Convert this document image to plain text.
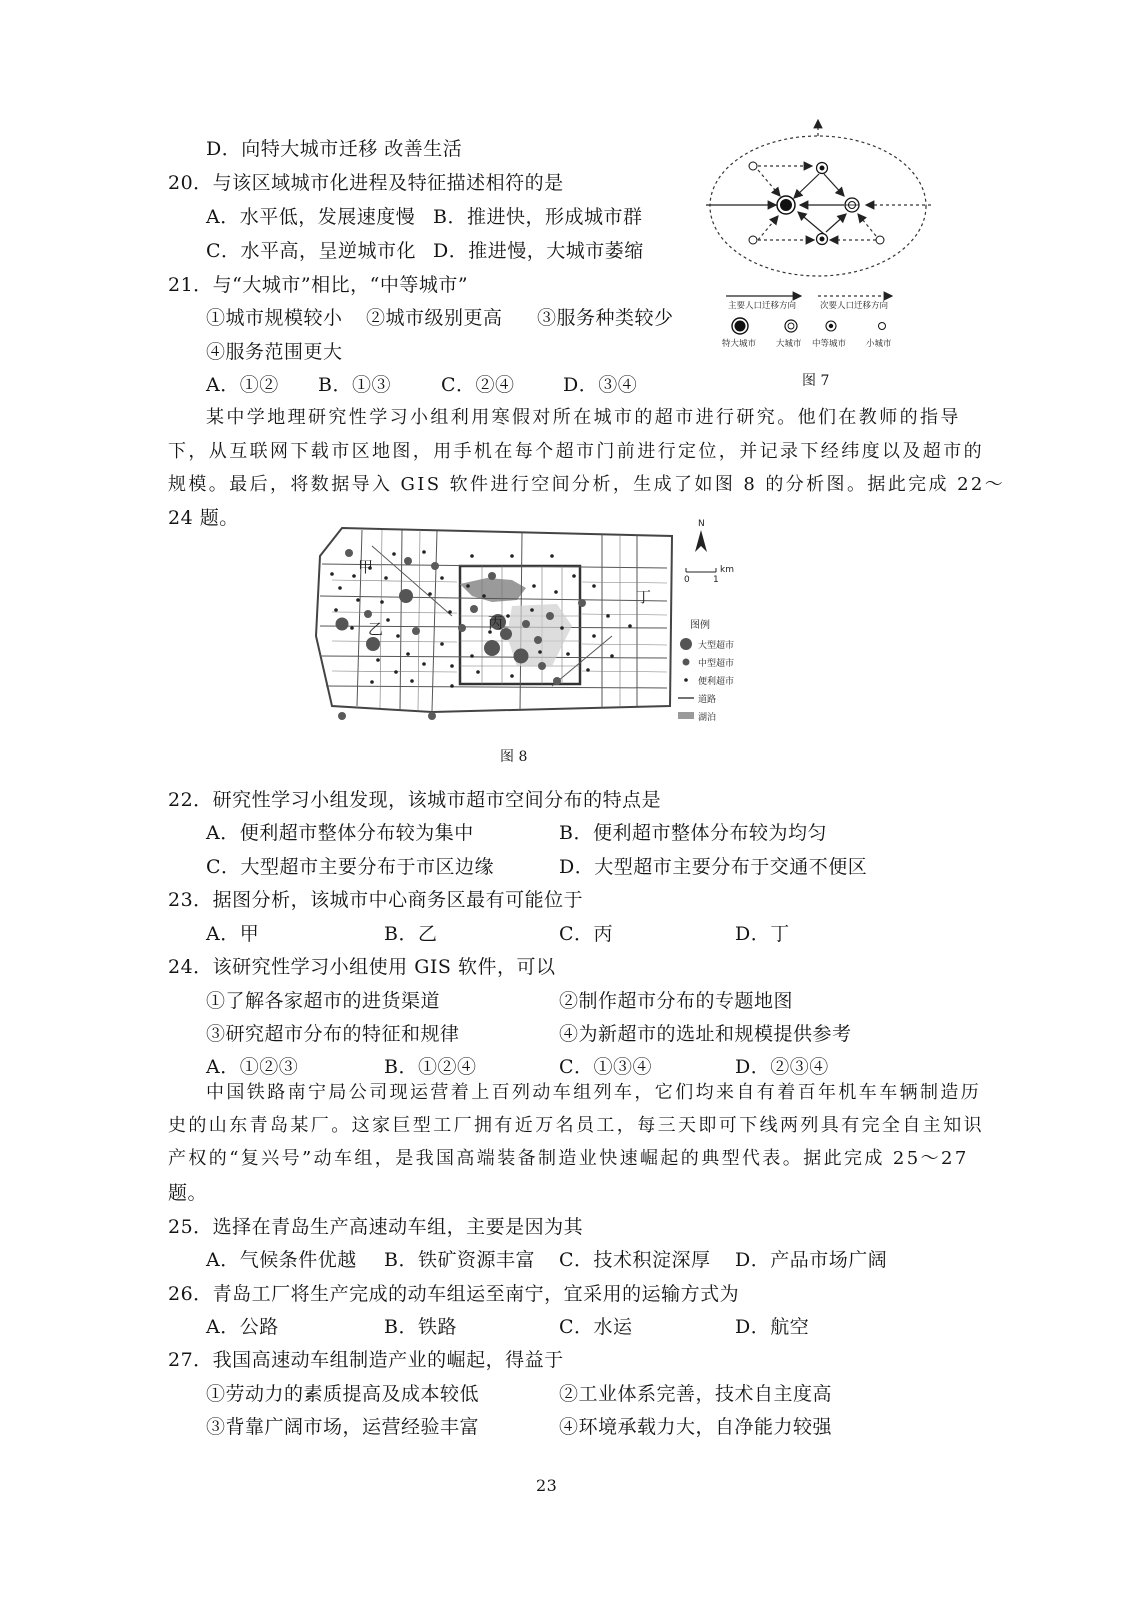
D．向特大城市迁移 改善生活
20．与该区域城市化进程及特征描述相符的是
A．水平低，发展速度慢 B．推进快，形成城市群
C．水平高，呈逆城市化 D．推进慢，大城市萎缩
21．与“大城市”相比，“中等城市”
①城市规模较小 ②城市级别更高 ③服务种类较少
④服务范围更大
A．①② B．①③	C．②④	D．③④
主要人口迁移方向	次要人口迁移方向
特大城市 大城市 中等城市 小城市
图 7
某中学地理研究性学习小组利用寒假对所在城市的超市进行研究。他们在教师的指导
下，从互联网下载市区地图，用手机在每个超市门前进行定位，并记录下经纬度以及超市的
规模。最后，将数据导入 GIS 软件进行空间分析，生成了如图 8 的分析图。据此完成 22～
24 题。
甲
乙	丙
丁
N
km
0	1
图例
大型超市
中型超市
便利超市
道路
湖泊
图 8
22．研究性学习小组发现，该城市超市空间分布的特点是
A．便利超市整体分布较为集中	B．便利超市整体分布较为均匀
C．大型超市主要分布于市区边缘	D．大型超市主要分布于交通不便区
23．据图分析，该城市中心商务区最有可能位于
A．甲	B．乙	C．丙	D．丁
24．该研究性学习小组使用 GIS 软件，可以
①了解各家超市的进货渠道	②制作超市分布的专题地图
③研究超市分布的特征和规律	④为新超市的选址和规模提供参考
A．①②③	B．①②④	C．①③④	D．②③④
中国铁路南宁局公司现运营着上百列动车组列车，它们均来自有着百年机车车辆制造历
史的山东青岛某厂。这家巨型工厂拥有近万名员工，每三天即可下线两列具有完全自主知识
产权的“复兴号”动车组，是我国高端装备制造业快速崛起的典型代表。据此完成 25～27
题。
25．选择在青岛生产高速动车组，主要是因为其
A．气候条件优越 B．铁矿资源丰富 C．技术积淀深厚 D．产品市场广阔
26．青岛工厂将生产完成的动车组运至南宁，宜采用的运输方式为
A．公路	B．铁路	C．水运	D．航空
27．我国高速动车组制造产业的崛起，得益于
①劳动力的素质提高及成本较低	②工业体系完善，技术自主度高
③背靠广阔市场，运营经验丰富	④环境承载力大，自净能力较强
23
